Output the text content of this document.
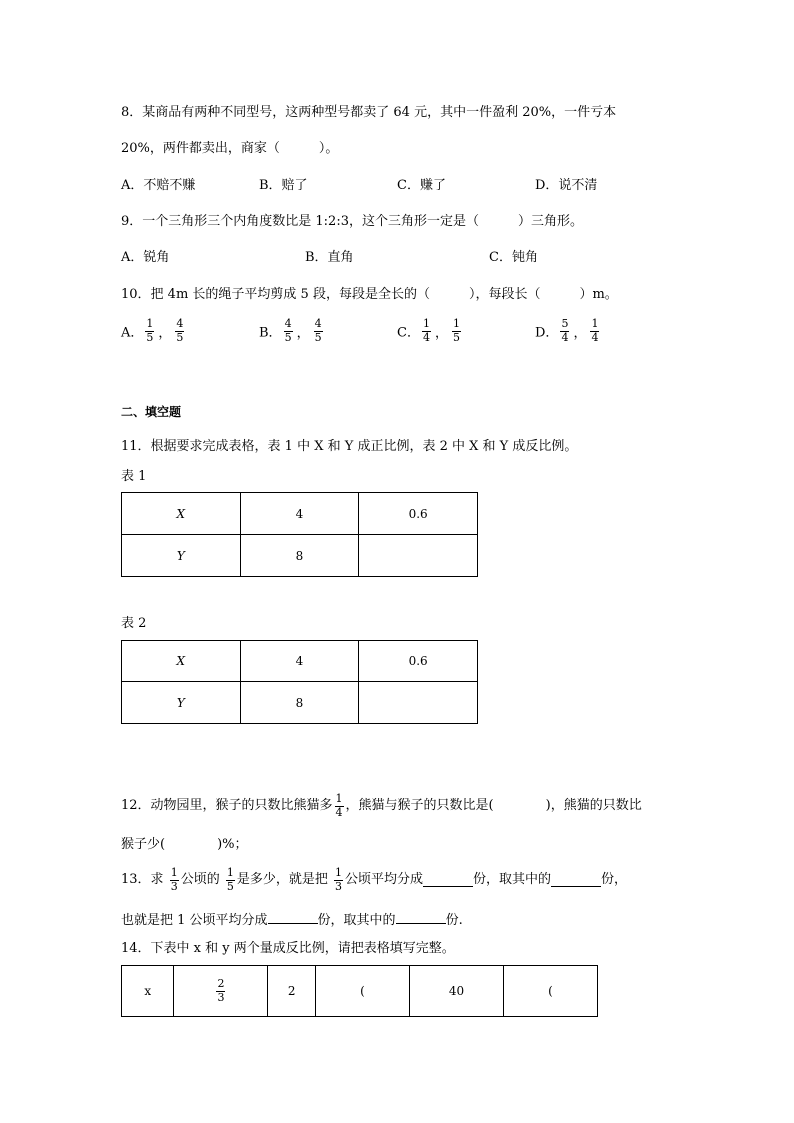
8．某商品有两种不同型号，这两种型号都卖了 64 元，其中一件盈利 20%，一件亏本
20%，两件都卖出，商家（　　　）。
A．不赔不赚	B．赔了	C．赚了	D．说不清
9．一个三角形三个内角度数比是 1:2:3，这个三角形一定是（　　　）三角形。
A．锐角	B．直角	C．钝角
10．把 4m 长的绳子平均剪成 5 段，每段是全长的（　　　），每段长（　　　）m。
A． $\frac{1}{5}$ ， $\frac{4}{5}$	B． $\frac{4}{5}$ ， $\frac{4}{5}$	C． $\frac{1}{4}$ ， $\frac{1}{5}$	D． $\frac{5}{4}$ ， $\frac{1}{4}$
二、填空题
11．根据要求完成表格，表 1 中 X 和 Y 成正比例，表 2 中 X 和 Y 成反比例。
表 1
X	4	0.6
Y	8	
表 2
X	4	0.6
Y	8	
12．动物园里，猴子的只数比熊猫多 $\frac{1}{4}$ ，熊猫与猴子的只数比是(　　　　)，熊猫的只数比
猴子少(　　　　)%；
13．求 $\frac{1}{3}$ 公顷的 $\frac{1}{5}$ 是多少，就是把 $\frac{1}{3}$ 公顷平均分成	份，取其中的	份，
也就是把 1 公顷平均分成	份，取其中的	份.
14．下表中 x 和 y 两个量成反比例，请把表格填写完整。
x	$\frac{2}{3}$	2	(	40	(
